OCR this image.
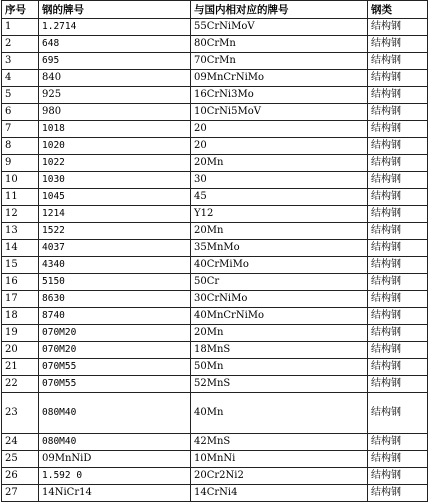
序号	钢的牌号	与国内相对应的牌号	钢类
1	1.2714	55CrNiMoV	结构钢
2	648	80CrMn	结构钢
3	695	70CrMn	结构钢
4	840	09MnCrNiMo	结构钢
5	925	16CrNi3Mo	结构钢
6	980	10CrNi5MoV	结构钢
7	1018	20	结构钢
8	1020	20	结构钢
9	1022	20Mn	结构钢
10	1030	30	结构钢
11	1045	45	结构钢
12	1214	Y12	结构钢
13	1522	20Mn	结构钢
14	4037	35MnMo	结构钢
15	4340	40CrMiMo	结构钢
16	5150	50Cr	结构钢
17	8630	30CrNiMo	结构钢
18	8740	40MnCrNiMo	结构钢
19	070M20	20Mn	结构钢
20	070M20	18MnS	结构钢
21	070M55	50Mn	结构钢
22	070M55	52MnS	结构钢
23	080M40	40Mn	结构钢
24	080M40	42MnS	结构钢
25	09MnNiD	10MnNi	结构钢
26	1.592 0	20Cr2Ni2	结构钢
27	14NiCr14	14CrNi4	结构钢
